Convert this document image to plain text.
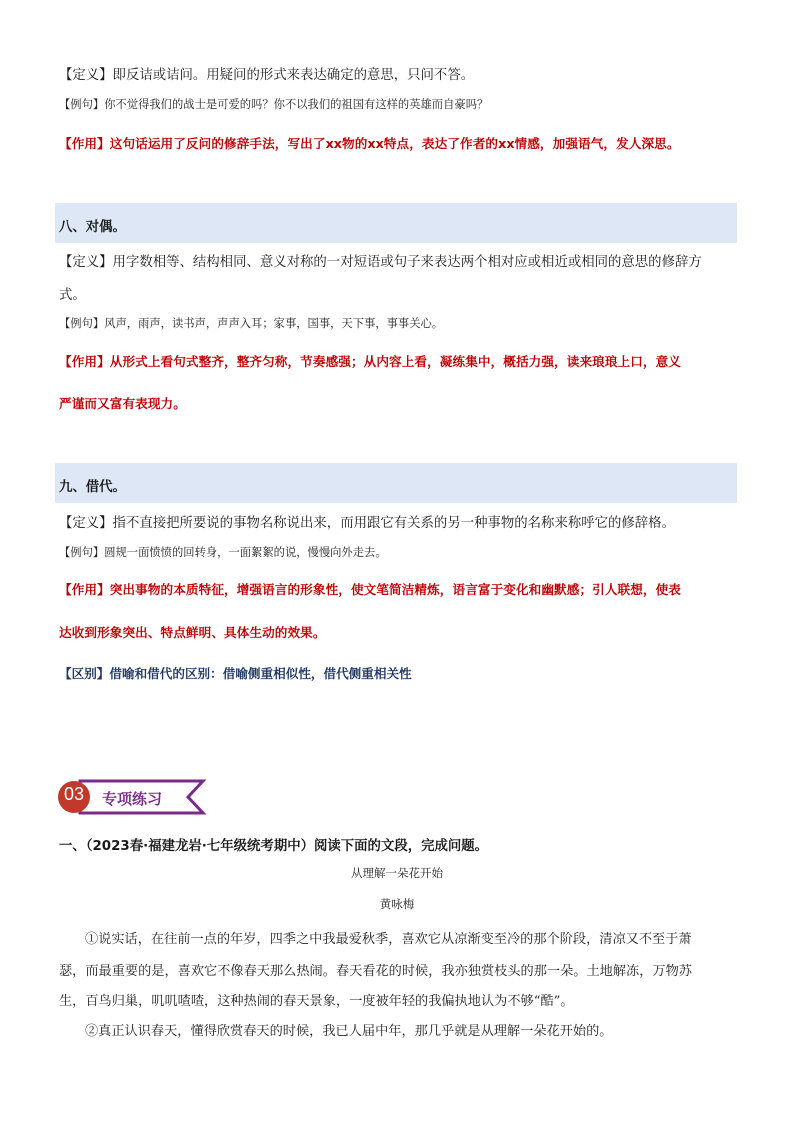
【定义】即反诘或诘问。用疑问的形式来表达确定的意思，只问不答。
【例句】你不觉得我们的战士是可爱的吗？你不以我们的祖国有这样的英雄而自豪吗？
【作用】这句话运用了反问的修辞手法，写出了xx物的xx特点，表达了作者的xx情感，加强语气，发人深思。
八、对偶。
【定义】用字数相等、结构相同、意义对称的一对短语或句子来表达两个相对应或相近或相同的意思的修辞方
式。
【例句】风声，雨声，读书声，声声入耳；家事，国事，天下事，事事关心。
【作用】从形式上看句式整齐，整齐匀称，节奏感强；从内容上看，凝练集中，概括力强，读来琅琅上口，意义
严谨而又富有表现力。
九、借代。
【定义】指不直接把所要说的事物名称说出来，而用跟它有关系的另一种事物的名称来称呼它的修辞格。
【例句】圆规一面愤愤的回转身，一面絮絮的说，慢慢向外走去。
【作用】突出事物的本质特征，增强语言的形象性，使文笔简洁精炼，语言富于变化和幽默感；引人联想，使表
达收到形象突出、特点鲜明、具体生动的效果。
【区别】借喻和借代的区别：借喻侧重相似性，借代侧重相关性
03	专项练习
一、（2023春·福建龙岩·七年级统考期中）阅读下面的文段，完成问题。
从理解一朵花开始
黄咏梅
①说实话，在往前一点的年岁，四季之中我最爱秋季，喜欢它从凉渐变至冷的那个阶段，清凉又不至于萧
瑟，而最重要的是，喜欢它不像春天那么热闹。春天看花的时候，我亦独赏枝头的那一朵。土地解冻，万物苏
生，百鸟归巢，叽叽喳喳，这种热闹的春天景象，一度被年轻的我偏执地认为不够“酷”。
②真正认识春天，懂得欣赏春天的时候，我已人届中年，那几乎就是从理解一朵花开始的。
